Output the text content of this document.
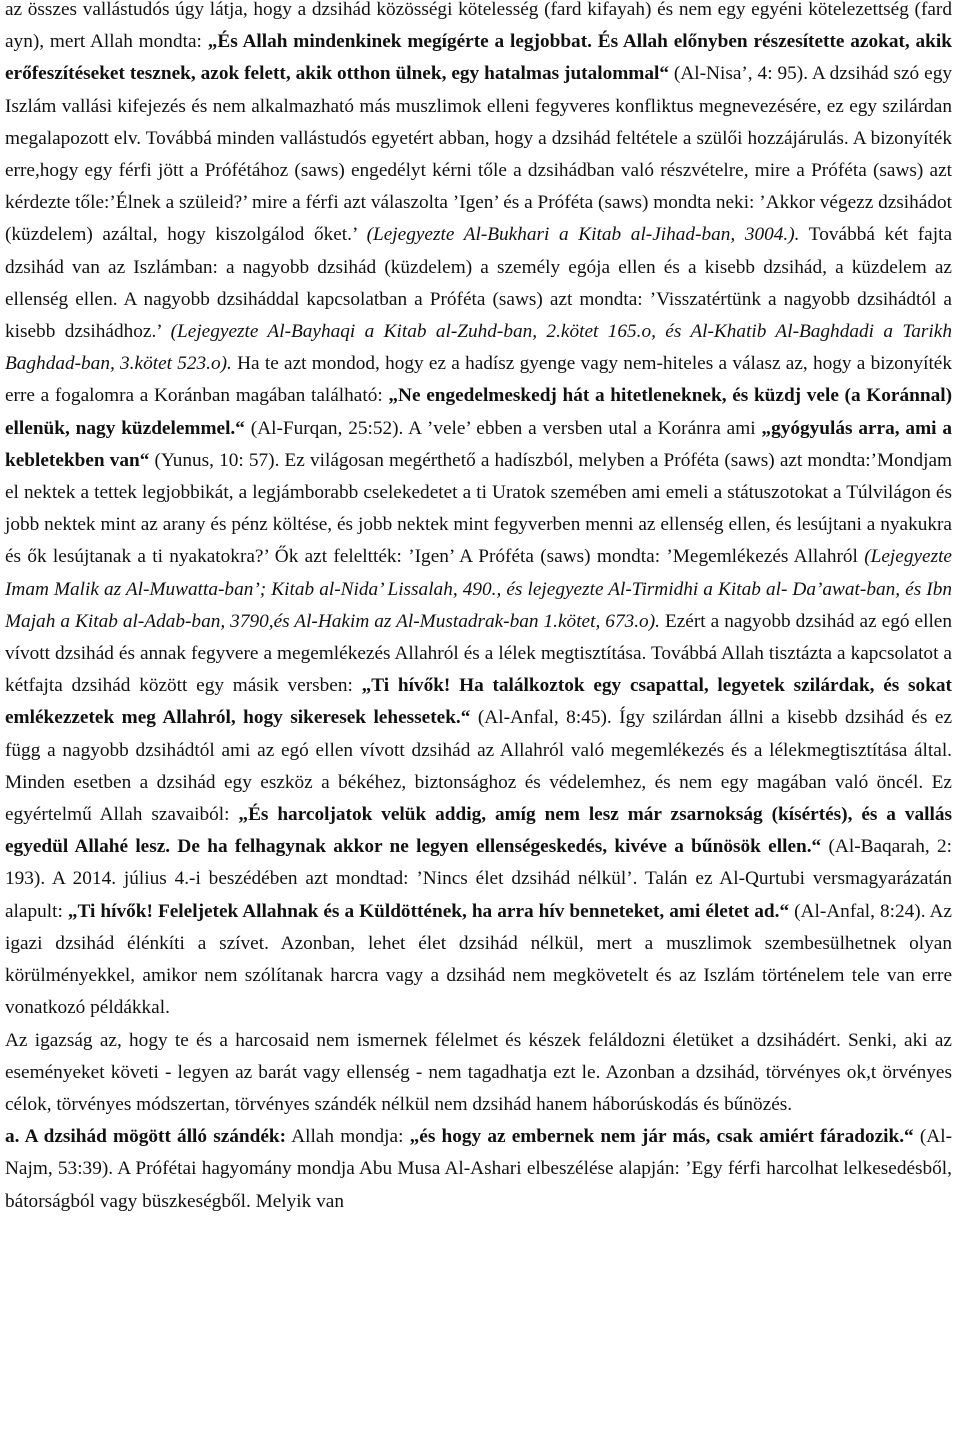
az összes vallástudós úgy látja, hogy a dzsihád közösségi kötelesség (fard kifayah) és nem egy egyéni kötelezettség (fard ayn), mert Allah mondta: „És Allah mindenkinek megígérte a legjobbat. És Allah előnyben részesítette azokat, akik erőfeszítéseket tesznek, azok felett, akik otthon ülnek, egy hatalmas jutalommal“ (Al-Nisa’, 4: 95). A dzsihád szó egy Iszlám vallási kifejezés és nem alkalmazható más muszlimok elleni fegyveres konfliktus megnevezésére, ez egy szilárdan megalapozott elv. Továbbá minden vallástudós egyetért abban, hogy a dzsihád feltétele a szülői hozzájárulás. A bizonyíték erre,hogy egy férfi jött a Prófétához (saws) engedélyt kérni tőle a dzsihádban való részvételre, mire a Próféta (saws) azt kérdezte tőle:’Élnek a szüleid?’ mire a férfi azt válaszolta ’Igen’ és a Próféta (saws) mondta neki: ’Akkor végezz dzsihádot (küzdelem) azáltal, hogy kiszolgálod őket.’ (Lejegyezte Al-Bukhari a Kitab al-Jihad-ban, 3004.). Továbbá két fajta dzsihád van az Iszlámban: a nagyobb dzsihád (küzdelem) a személy egója ellen és a kisebb dzsihád, a küzdelem az ellenség ellen. A nagyobb dzsiháddal kapcsolatban a Próféta (saws) azt mondta: ’Visszatértünk a nagyobb dzsihádtól a kisebb dzsihádhoz.’ (Lejegyezte Al-Bayhaqi a Kitab al-Zuhd-ban, 2.kötet 165.o, és Al-Khatib Al-Baghdadi a Tarikh Baghdad-ban, 3.kötet 523.o). Ha te azt mondod, hogy ez a hadísz gyenge vagy nem-hiteles a válasz az, hogy a bizonyíték erre a fogalomra a Koránban magában található: „Ne engedelmeskedj hát a hitetleneknek, és küzdj vele (a Koránnal) ellenük, nagy küzdelemmel.“ (Al-Furqan, 25:52). A ’vele’ ebben a versben utal a Koránra ami „gyógyulás arra, ami a kebletekben van“ (Yunus, 10: 57). Ez világosan megérthető a hadíszból, melyben a Próféta (saws) azt mondta:’Mondjam el nektek a tettek legjobbikát, a legjámborabb cselekedetet a ti Uratok szemében ami emeli a státuszotokat a Túlvilágon és jobb nektek mint az arany és pénz költése, és jobb nektek mint fegyverben menni az ellenség ellen, és lesújtani a nyakukra és ők lesújtanak a ti nyakatokra?’ Ők azt feleltték: ’Igen’ A Próféta (saws) mondta: ’Megemlékezés Allahról (Lejegyezte Imam Malik az Al-Muwatta-ban’; Kitab al-Nida’ Lissalah, 490., és lejegyezte Al-Tirmidhi a Kitab al- Da’awat-ban, és Ibn Majah a Kitab al-Adab-ban, 3790,és Al-Hakim az Al-Mustadrak-ban 1.kötet, 673.o). Ezért a nagyobb dzsihád az egó ellen vívott dzsihád és annak fegyvere a megemlékezés Allahról és a lélek megtisztítása. Továbbá Allah tisztázta a kapcsolatot a kétfajta dzsihád között egy másik versben: „Ti hívők! Ha találkoztok egy csapattal, legyetek szilárdak, és sokat emlékezzetek meg Allahról, hogy sikeresek lehessetek.“ (Al-Anfal, 8:45). Így szilárdan állni a kisebb dzsihád és ez függ a nagyobb dzsihádtól ami az egó ellen vívott dzsihád az Allahról való megemlékezés és a lélekmegtisztítása által. Minden esetben a dzsihád egy eszköz a békéhez, biztonsághoz és védelemhez, és nem egy magában való öncél. Ez egyértelmű Allah szavaiból: „És harcoljatok velük addig, amíg nem lesz már zsarnokság (kísértés), és a vallás egyedül Allahé lesz. De ha felhagynak akkor ne legyen ellenségeskedés, kivéve a bűnösök ellen.“ (Al-Baqarah, 2: 193). A 2014. július 4.-i beszédében azt mondtad: ’Nincs élet dzsihád nélkül’. Talán ez Al-Qurtubi versmagyarázatán alapult: „Ti hívők! Feleljetek Allahnak és a Küldöttének, ha arra hív benneteket, ami életet ad.“ (Al-Anfal, 8:24). Az igazi dzsihád élénkíti a szívet. Azonban, lehet élet dzsihád nélkül, mert a muszlimok szembesülhetnek olyan körülményekkel, amikor nem szólítanak harcra vagy a dzsihád nem megkövetelt és az Iszlám történelem tele van erre vonatkozó példákkal.

Az igazság az, hogy te és a harcosaid nem ismernek félelmet és készek feláldozni életüket a dzsihádért. Senki, aki az eseményeket követi - legyen az barát vagy ellenség - nem tagadhatja ezt le. Azonban a dzsihád, törvényes ok,t örvényes célok, törvényes módszertan, törvényes szándék nélkül nem dzsihád hanem háborúskodás és bűnözés.

a. A dzsihád mögött álló szándék: Allah mondja: „és hogy az embernek nem jár más, csak amiért fáradozik.“ (Al-Najm, 53:39). A Prófétai hagyomány mondja Abu Musa Al-Ashari elbeszélése alapján: ’Egy férfi harcolhat lelkesedésből, bátorságból vagy büszkeségből. Melyik van
